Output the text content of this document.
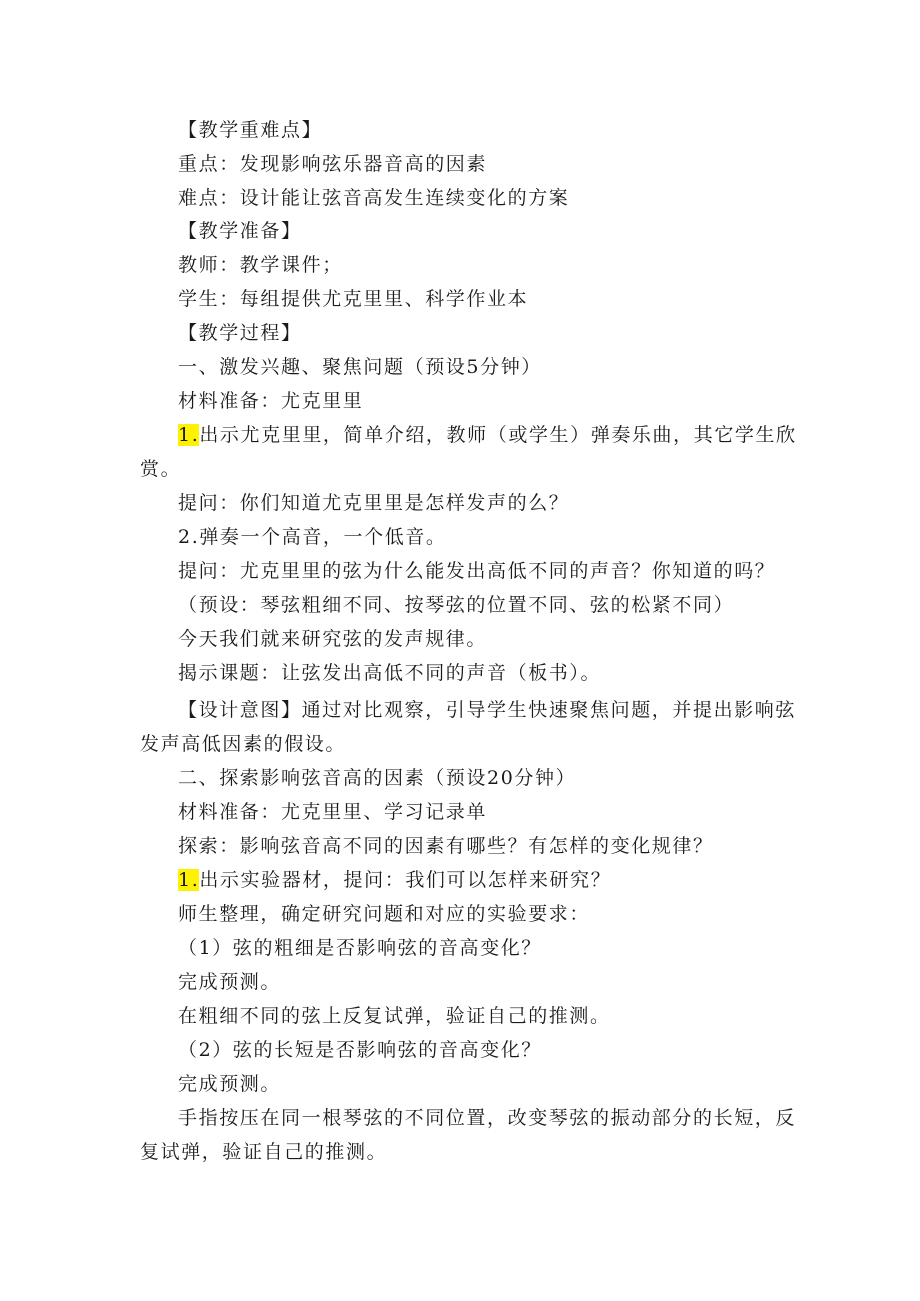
【教学重难点】
重点：发现影响弦乐器音高的因素
难点：设计能让弦音高发生连续变化的方案
【教学准备】
教师：教学课件；
学生：每组提供尤克里里、科学作业本
【教学过程】
一、激发兴趣、聚焦问题（预设5分钟）
材料准备：尤克里里
1.出示尤克里里，简单介绍，教师（或学生）弹奏乐曲，其它学生欣
赏。
提问：你们知道尤克里里是怎样发声的么？
2.弹奏一个高音，一个低音。
提问：尤克里里的弦为什么能发出高低不同的声音？你知道的吗？
（预设：琴弦粗细不同、按琴弦的位置不同、弦的松紧不同）
今天我们就来研究弦的发声规律。
揭示课题：让弦发出高低不同的声音（板书）。
【设计意图】通过对比观察，引导学生快速聚焦问题，并提出影响弦
发声高低因素的假设。
二、探索影响弦音高的因素（预设20分钟）
材料准备：尤克里里、学习记录单
探索：影响弦音高不同的因素有哪些？有怎样的变化规律？
1.出示实验器材，提问：我们可以怎样来研究？
师生整理，确定研究问题和对应的实验要求：
（1）弦的粗细是否影响弦的音高变化？
完成预测。
在粗细不同的弦上反复试弹，验证自己的推测。
（2）弦的长短是否影响弦的音高变化？
完成预测。
手指按压在同一根琴弦的不同位置，改变琴弦的振动部分的长短，反
复试弹，验证自己的推测。
